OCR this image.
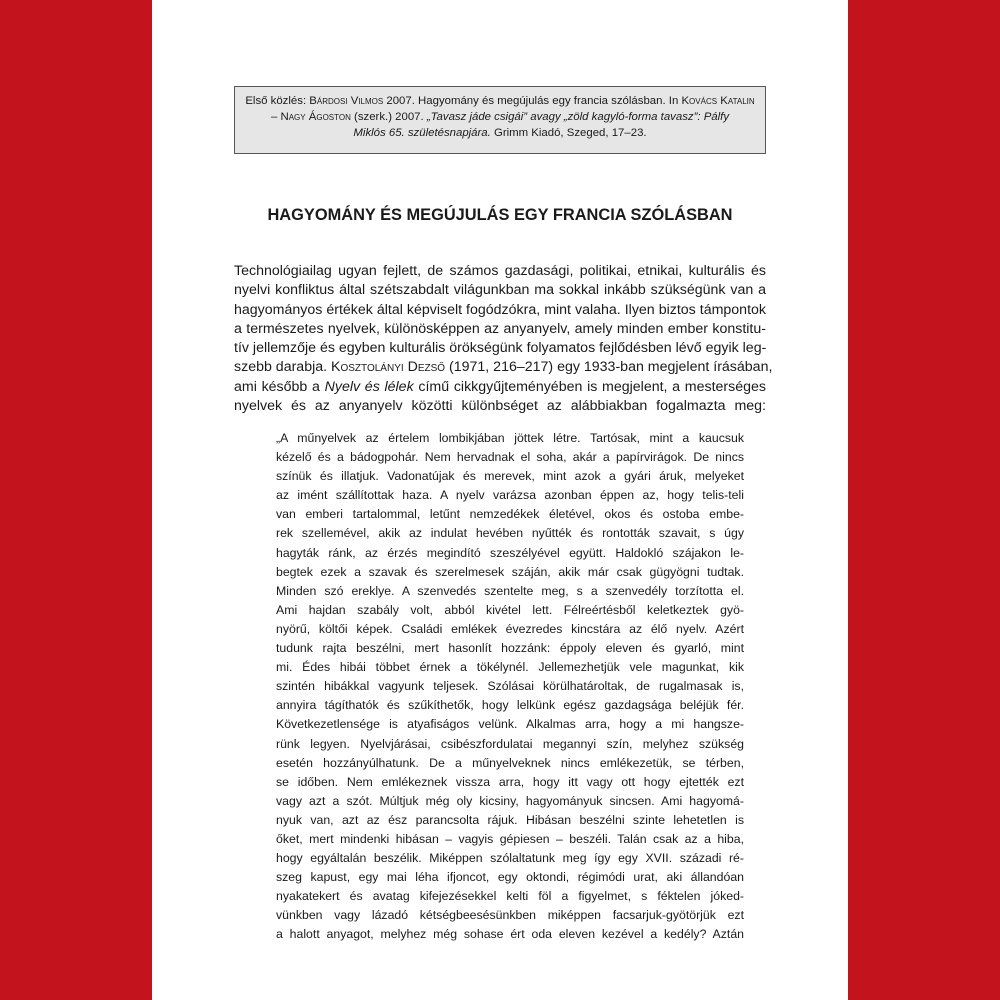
Első közlés: Bárdosi Vilmos 2007. Hagyomány és megújulás egy francia szólásban. In Kovács Katalin
– Nagy Ágoston (szerk.) 2007. „Tavasz jáde csigái” avagy „zöld kagyló-forma tavasz”: Pálfy
Miklós 65. születésnapjára. Grimm Kiadó, Szeged, 17–23.
HAGYOMÁNY ÉS MEGÚJULÁS EGY FRANCIA SZÓLÁSBAN
Technológiailag ugyan fejlett, de számos gazdasági, politikai, etnikai, kulturális és
nyelvi konfliktus által szétszabdalt világunkban ma sokkal inkább szükségünk van a
hagyományos értékek által képviselt fogódzókra, mint valaha. Ilyen biztos támpontok
a természetes nyelvek, különösképpen az anyanyelv, amely minden ember konstitu-
tív jellemzője és egyben kulturális örökségünk folyamatos fejlődésben lévő egyik leg-
szebb darabja. Kosztolányi Dezső (1971, 216–217) egy 1933-ban megjelent írásában,
ami később a Nyelv és lélek című cikkgyűjteményében is megjelent, a mesterséges
nyelvek és az anyanyelv közötti különbséget az alábbiakban fogalmazta meg:
„A műnyelvek az értelem lombikjában jöttek létre. Tartósak, mint a kaucsuk
kézelő és a bádogpohár. Nem hervadnak el soha, akár a papírvirágok. De nincs
színük és illatjuk. Vadonatújak és merevek, mint azok a gyári áruk, melyeket
az imént szállítottak haza. A nyelv varázsa azonban éppen az, hogy telis-teli
van emberi tartalommal, letűnt nemzedékek életével, okos és ostoba embe-
rek szellemével, akik az indulat hevében nyűtték és rontották szavait, s úgy
hagyták ránk, az érzés megindító szeszélyével együtt. Haldokló szájakon le-
begtek ezek a szavak és szerelmesek száján, akik már csak gügyögni tudtak.
Minden szó ereklye. A szenvedés szentelte meg, s a szenvedély torzította el.
Ami hajdan szabály volt, abból kivétel lett. Félreértésből keletkeztek gyö-
nyörű, költői képek. Családi emlékek évezredes kincstára az élő nyelv. Azért
tudunk rajta beszélni, mert hasonlít hozzánk: éppoly eleven és gyarló, mint
mi. Édes hibái többet érnek a tökélynél. Jellemezhetjük vele magunkat, kik
szintén hibákkal vagyunk teljesek. Szólásai körülhatároltak, de rugalmasak is,
annyira tágíthatók és szűkíthetők, hogy lelkünk egész gazdagsága beléjük fér.
Következetlensége is atyafiságos velünk. Alkalmas arra, hogy a mi hangsze-
rünk legyen. Nyelvjárásai, csibészfordulatai megannyi szín, melyhez szükség
esetén hozzányúlhatunk. De a műnyelveknek nincs emlékezetük, se térben,
se időben. Nem emlékeznek vissza arra, hogy itt vagy ott hogy ejtették ezt
vagy azt a szót. Múltjuk még oly kicsiny, hagyományuk sincsen. Ami hagyomá-
nyuk van, azt az ész parancsolta rájuk. Hibásan beszélni szinte lehetetlen is
őket, mert mindenki hibásan – vagyis gépiesen – beszéli. Talán csak az a hiba,
hogy egyáltalán beszélik. Miképpen szólaltatunk meg így egy XVII. századi ré-
szeg kapust, egy mai léha ifjoncot, egy oktondi, régimódi urat, aki állandóan
nyakatekert és avatag kifejezésekkel kelti föl a figyelmet, s féktelen jóked-
vünkben vagy lázadó kétségbeesésünkben miképpen facsarjuk-gyötörjük ezt
a halott anyagot, melyhez még sohase ért oda eleven kezével a kedély? Aztán
